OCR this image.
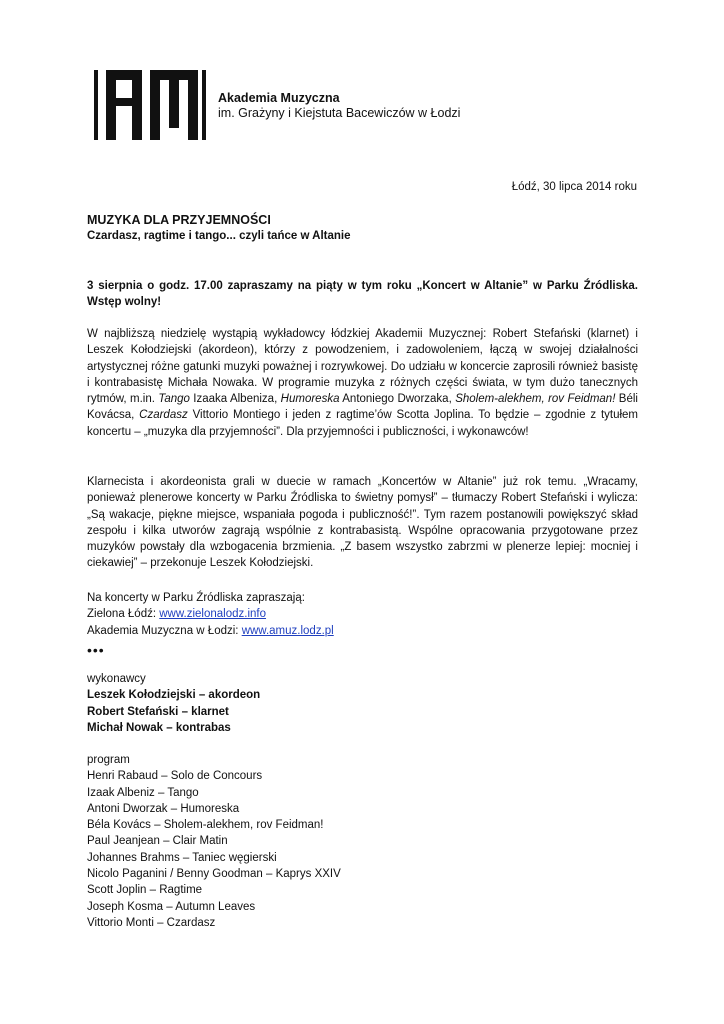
Akademia Muzyczna
im. Grażyny i Kiejstuta Bacewiczów w Łodzi
Łódź, 30 lipca 2014 roku
MUZYKA DLA PRZYJEMNOŚCI
Czardasz, ragtime i tango... czyli tańce w Altanie

3 sierpnia o godz. 17.00 zapraszamy na piąty w tym roku „Koncert w Altanie” w Parku Źródliska. Wstęp wolny!

W najbliższą niedzielę wystąpią wykładowcy łódzkiej Akademii Muzycznej: Robert Stefański (klarnet) i Leszek Kołodziejski (akordeon), którzy z powodzeniem, i zadowoleniem, łączą w swojej działalności artystycznej różne gatunki muzyki poważnej i rozrywkowej. Do udziału w koncercie zaprosili również basistę i kontrabasistę Michała Nowaka. W programie muzyka z różnych części świata, w tym dużo tanecznych rytmów, m.in. Tango Izaaka Albeniza, Humoreska Antoniego Dworzaka, Sholem-alekhem, rov Feidman! Béli Kovácsa, Czardasz Vittorio Montiego i jeden z ragtime’ów Scotta Joplina. To będzie – zgodnie z tytułem koncertu – „muzyka dla przyjemności”. Dla przyjemności i publiczności, i wykonawców!

Klarnecista i akordeonista grali w duecie w ramach „Koncertów w Altanie” już rok temu. „Wracamy, ponieważ plenerowe koncerty w Parku Źródliska to świetny pomysł” – tłumaczy Robert Stefański i wylicza: „Są wakacje, piękne miejsce, wspaniała pogoda i publiczność!”. Tym razem postanowili powiększyć skład zespołu i kilka utworów zagrają wspólnie z kontrabasistą. Wspólne opracowania przygotowane przez muzyków powstały dla wzbogacenia brzmienia. „Z basem wszystko zabrzmi w plenerze lepiej: mocniej i ciekawiej” – przekonuje Leszek Kołodziejski.

Na koncerty w Parku Źródliska zapraszają:
Zielona Łódź: www.zielonalodz.info
Akademia Muzyczna w Łodzi: www.amuz.lodz.pl
•••
wykonawcy
Leszek Kołodziejski – akordeon
Robert Stefański – klarnet
Michał Nowak – kontrabas
program
Henri Rabaud – Solo de Concours
Izaak Albeniz – Tango
Antoni Dworzak – Humoreska
Béla Kovács – Sholem-alekhem, rov Feidman!
Paul Jeanjean – Clair Matin
Johannes Brahms – Taniec węgierski
Nicolo Paganini / Benny Goodman – Kaprys XXIV
Scott Joplin – Ragtime
Joseph Kosma – Autumn Leaves
Vittorio Monti – Czardasz
